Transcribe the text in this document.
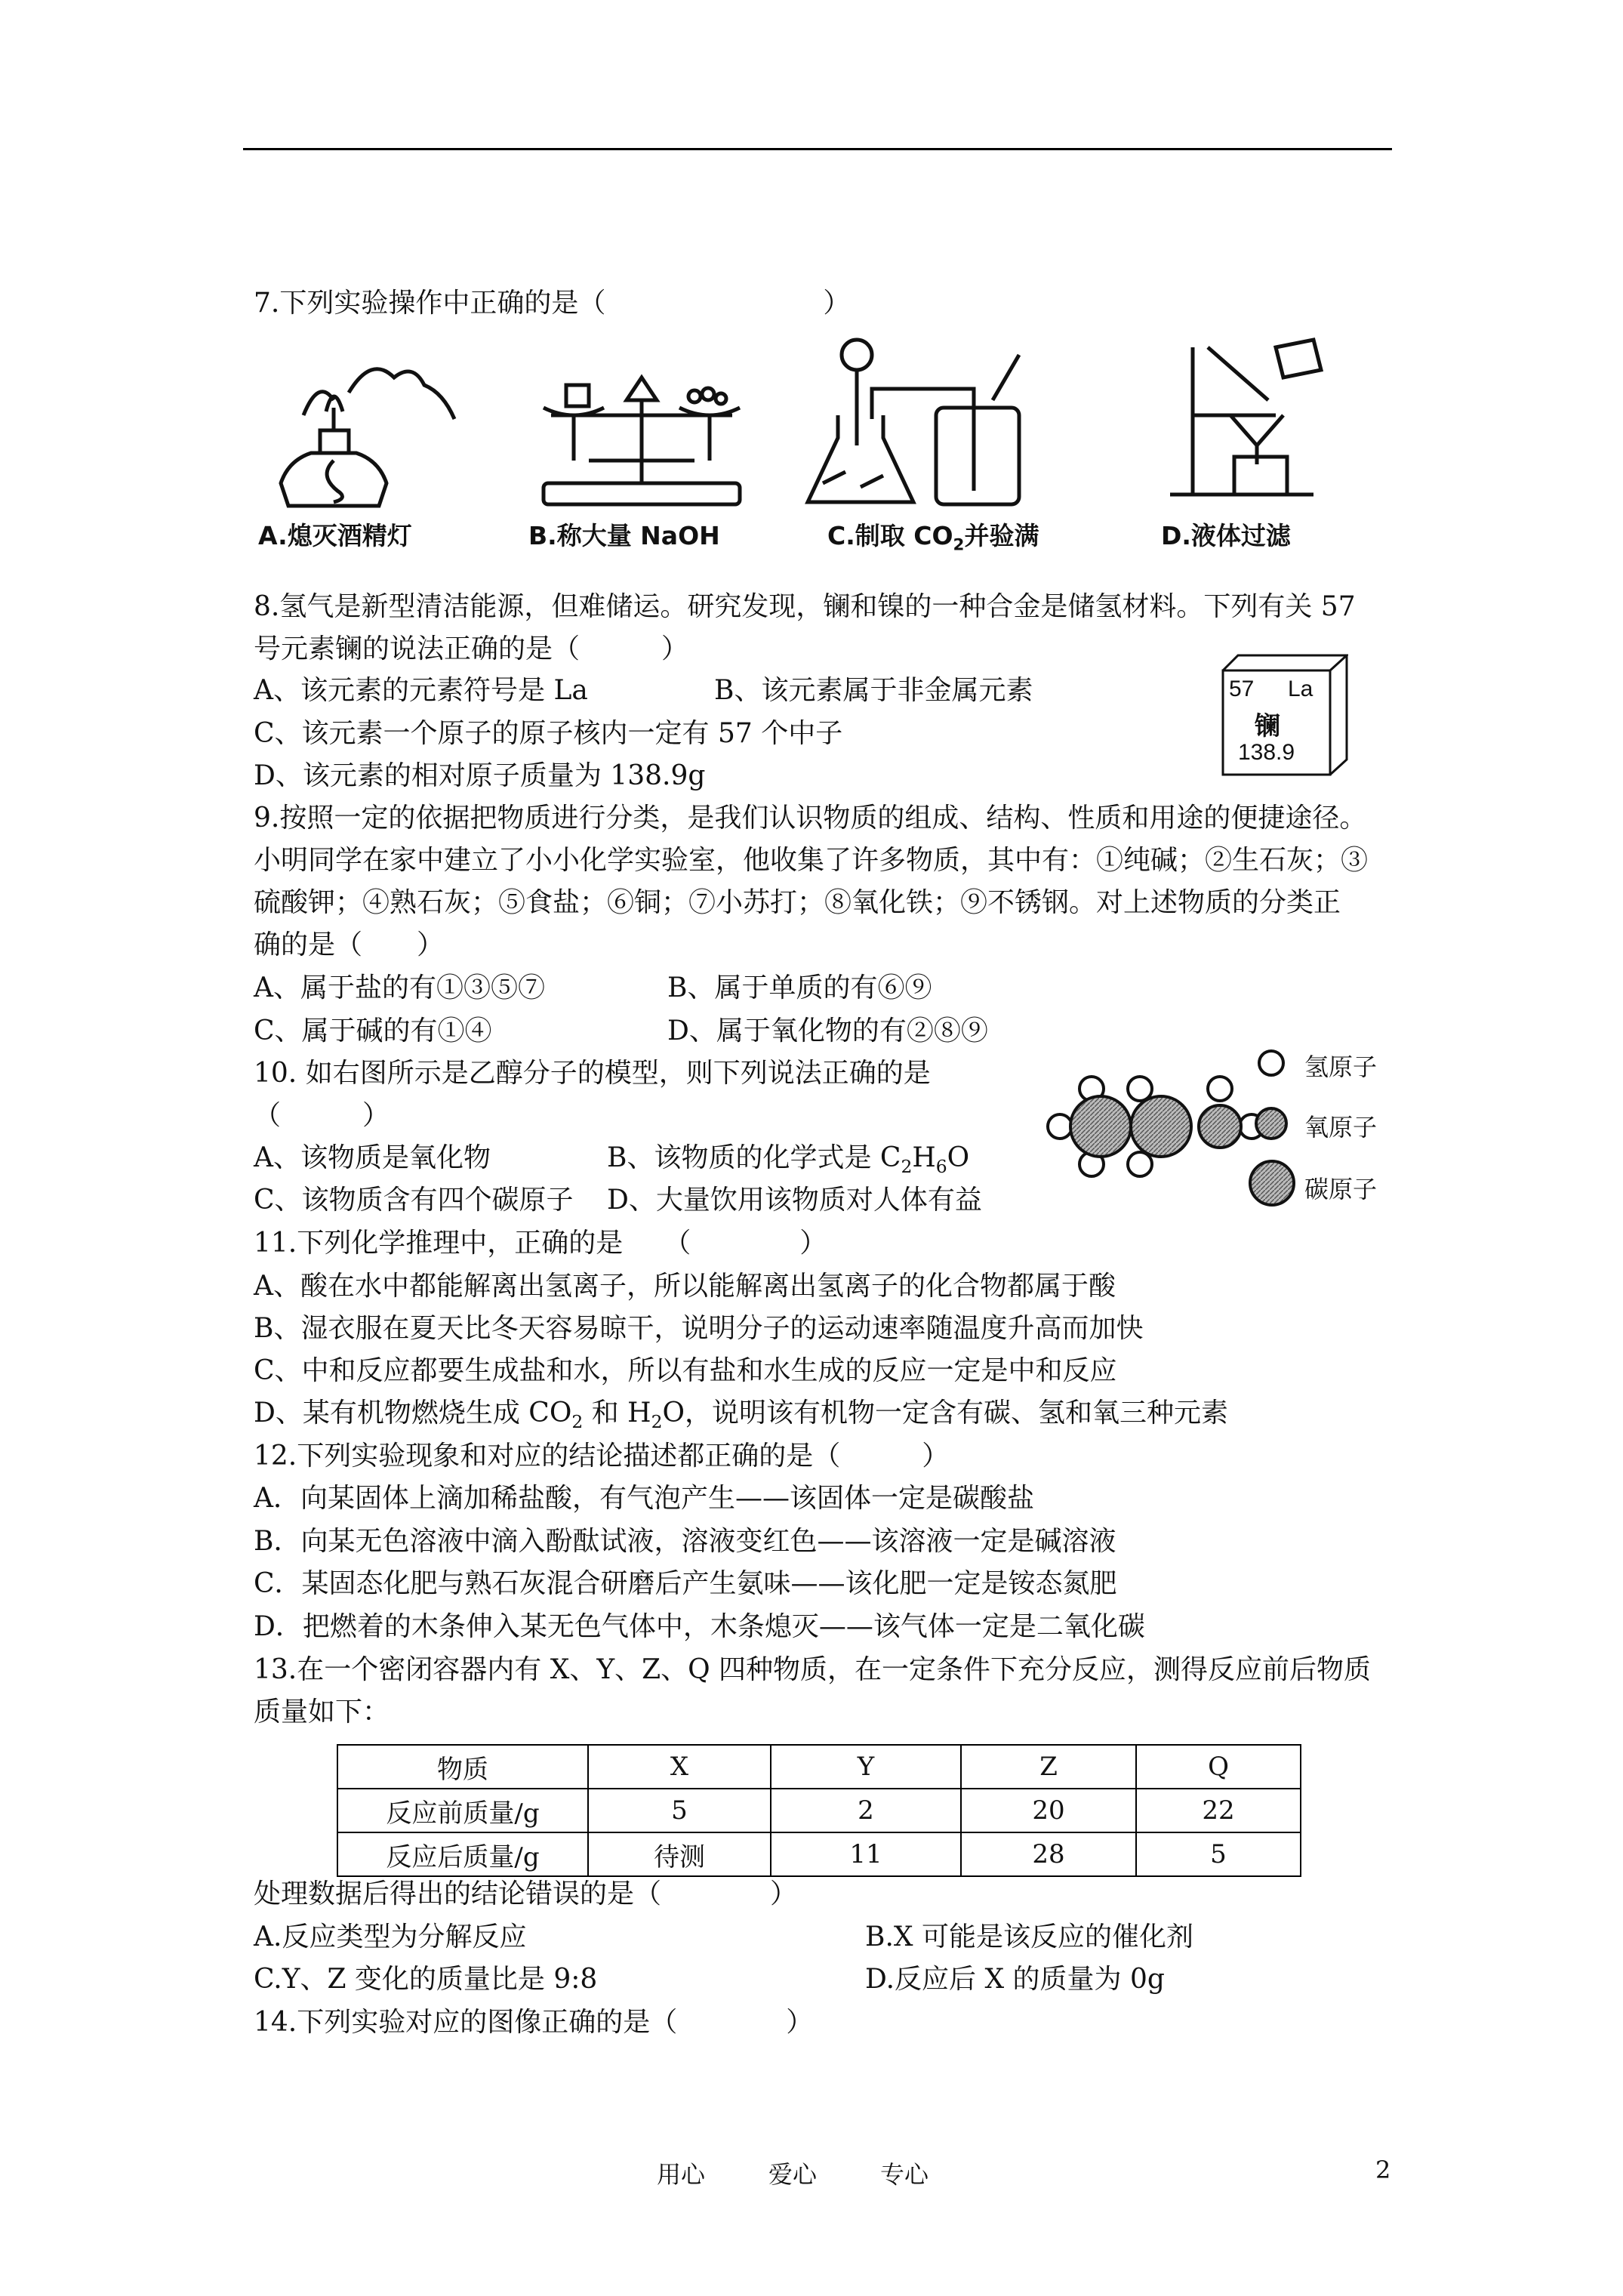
7.下列实验操作中正确的是（　　　　　　　　）
A.熄灭酒精灯	B.称大量 NaOH	C.制取 $CO_2$并验满	D.液体过滤
8.氢气是新型清洁能源，但难储运。研究发现，镧和镍的一种合金是储氢材料。下列有关 57
号元素镧的说法正确的是（　　　）
A、该元素的元素符号是 La	B、该元素属于非金属元素
C、该元素一个原子的原子核内一定有 57 个中子
D、该元素的相对原子质量为 138.9g
57 La
镧
138.9
9.按照一定的依据把物质进行分类，是我们认识物质的组成、结构、性质和用途的便捷途径。
小明同学在家中建立了小小化学实验室，他收集了许多物质，其中有：①纯碱；②生石灰；③
硫酸钾；④熟石灰；⑤食盐；⑥铜；⑦小苏打；⑧氧化铁；⑨不锈钢。对上述物质的分类正
确的是（　　）
A、属于盐的有①③⑤⑦	B、属于单质的有⑥⑨
C、属于碱的有①④	D、属于氧化物的有②⑧⑨
10. 如右图所示是乙醇分子的模型，则下列说法正确的是
（　　　）
A、该物质是氧化物	B、该物质的化学式是 $C_2H_6O$
C、该物质含有四个碳原子 D、大量饮用该物质对人体有益
氢原子
氧原子
碳原子
11.下列化学推理中，正确的是　　（　　　　）
A、酸在水中都能解离出氢离子，所以能解离出氢离子的化合物都属于酸
B、湿衣服在夏天比冬天容易晾干，说明分子的运动速率随温度升高而加快
C、中和反应都要生成盐和水，所以有盐和水生成的反应一定是中和反应
D、某有机物燃烧生成 $CO_2$ 和 $H_2O$，说明该有机物一定含有碳、氢和氧三种元素
12.下列实验现象和对应的结论描述都正确的是（　　　）
A．向某固体上滴加稀盐酸，有气泡产生——该固体一定是碳酸盐
B．向某无色溶液中滴入酚酞试液，溶液变红色——该溶液一定是碱溶液
C．某固态化肥与熟石灰混合研磨后产生氨味——该化肥一定是铵态氮肥
D．把燃着的木条伸入某无色气体中，木条熄灭——该气体一定是二氧化碳
13.在一个密闭容器内有 X、Y、Z、Q 四种物质，在一定条件下充分反应，测得反应前后物质
质量如下：
物质	X	Y	Z	Q
反应前质量/g	5	2	20	22
反应后质量/g	待测	11	28	5
处理数据后得出的结论错误的是（　　　　）
A.反应类型为分解反应	B.X 可能是该反应的催化剂
C.Y、Z 变化的质量比是 9:8	D.反应后 X 的质量为 0g
14.下列实验对应的图像正确的是（　　　　）
用心	爱心	专心	2
